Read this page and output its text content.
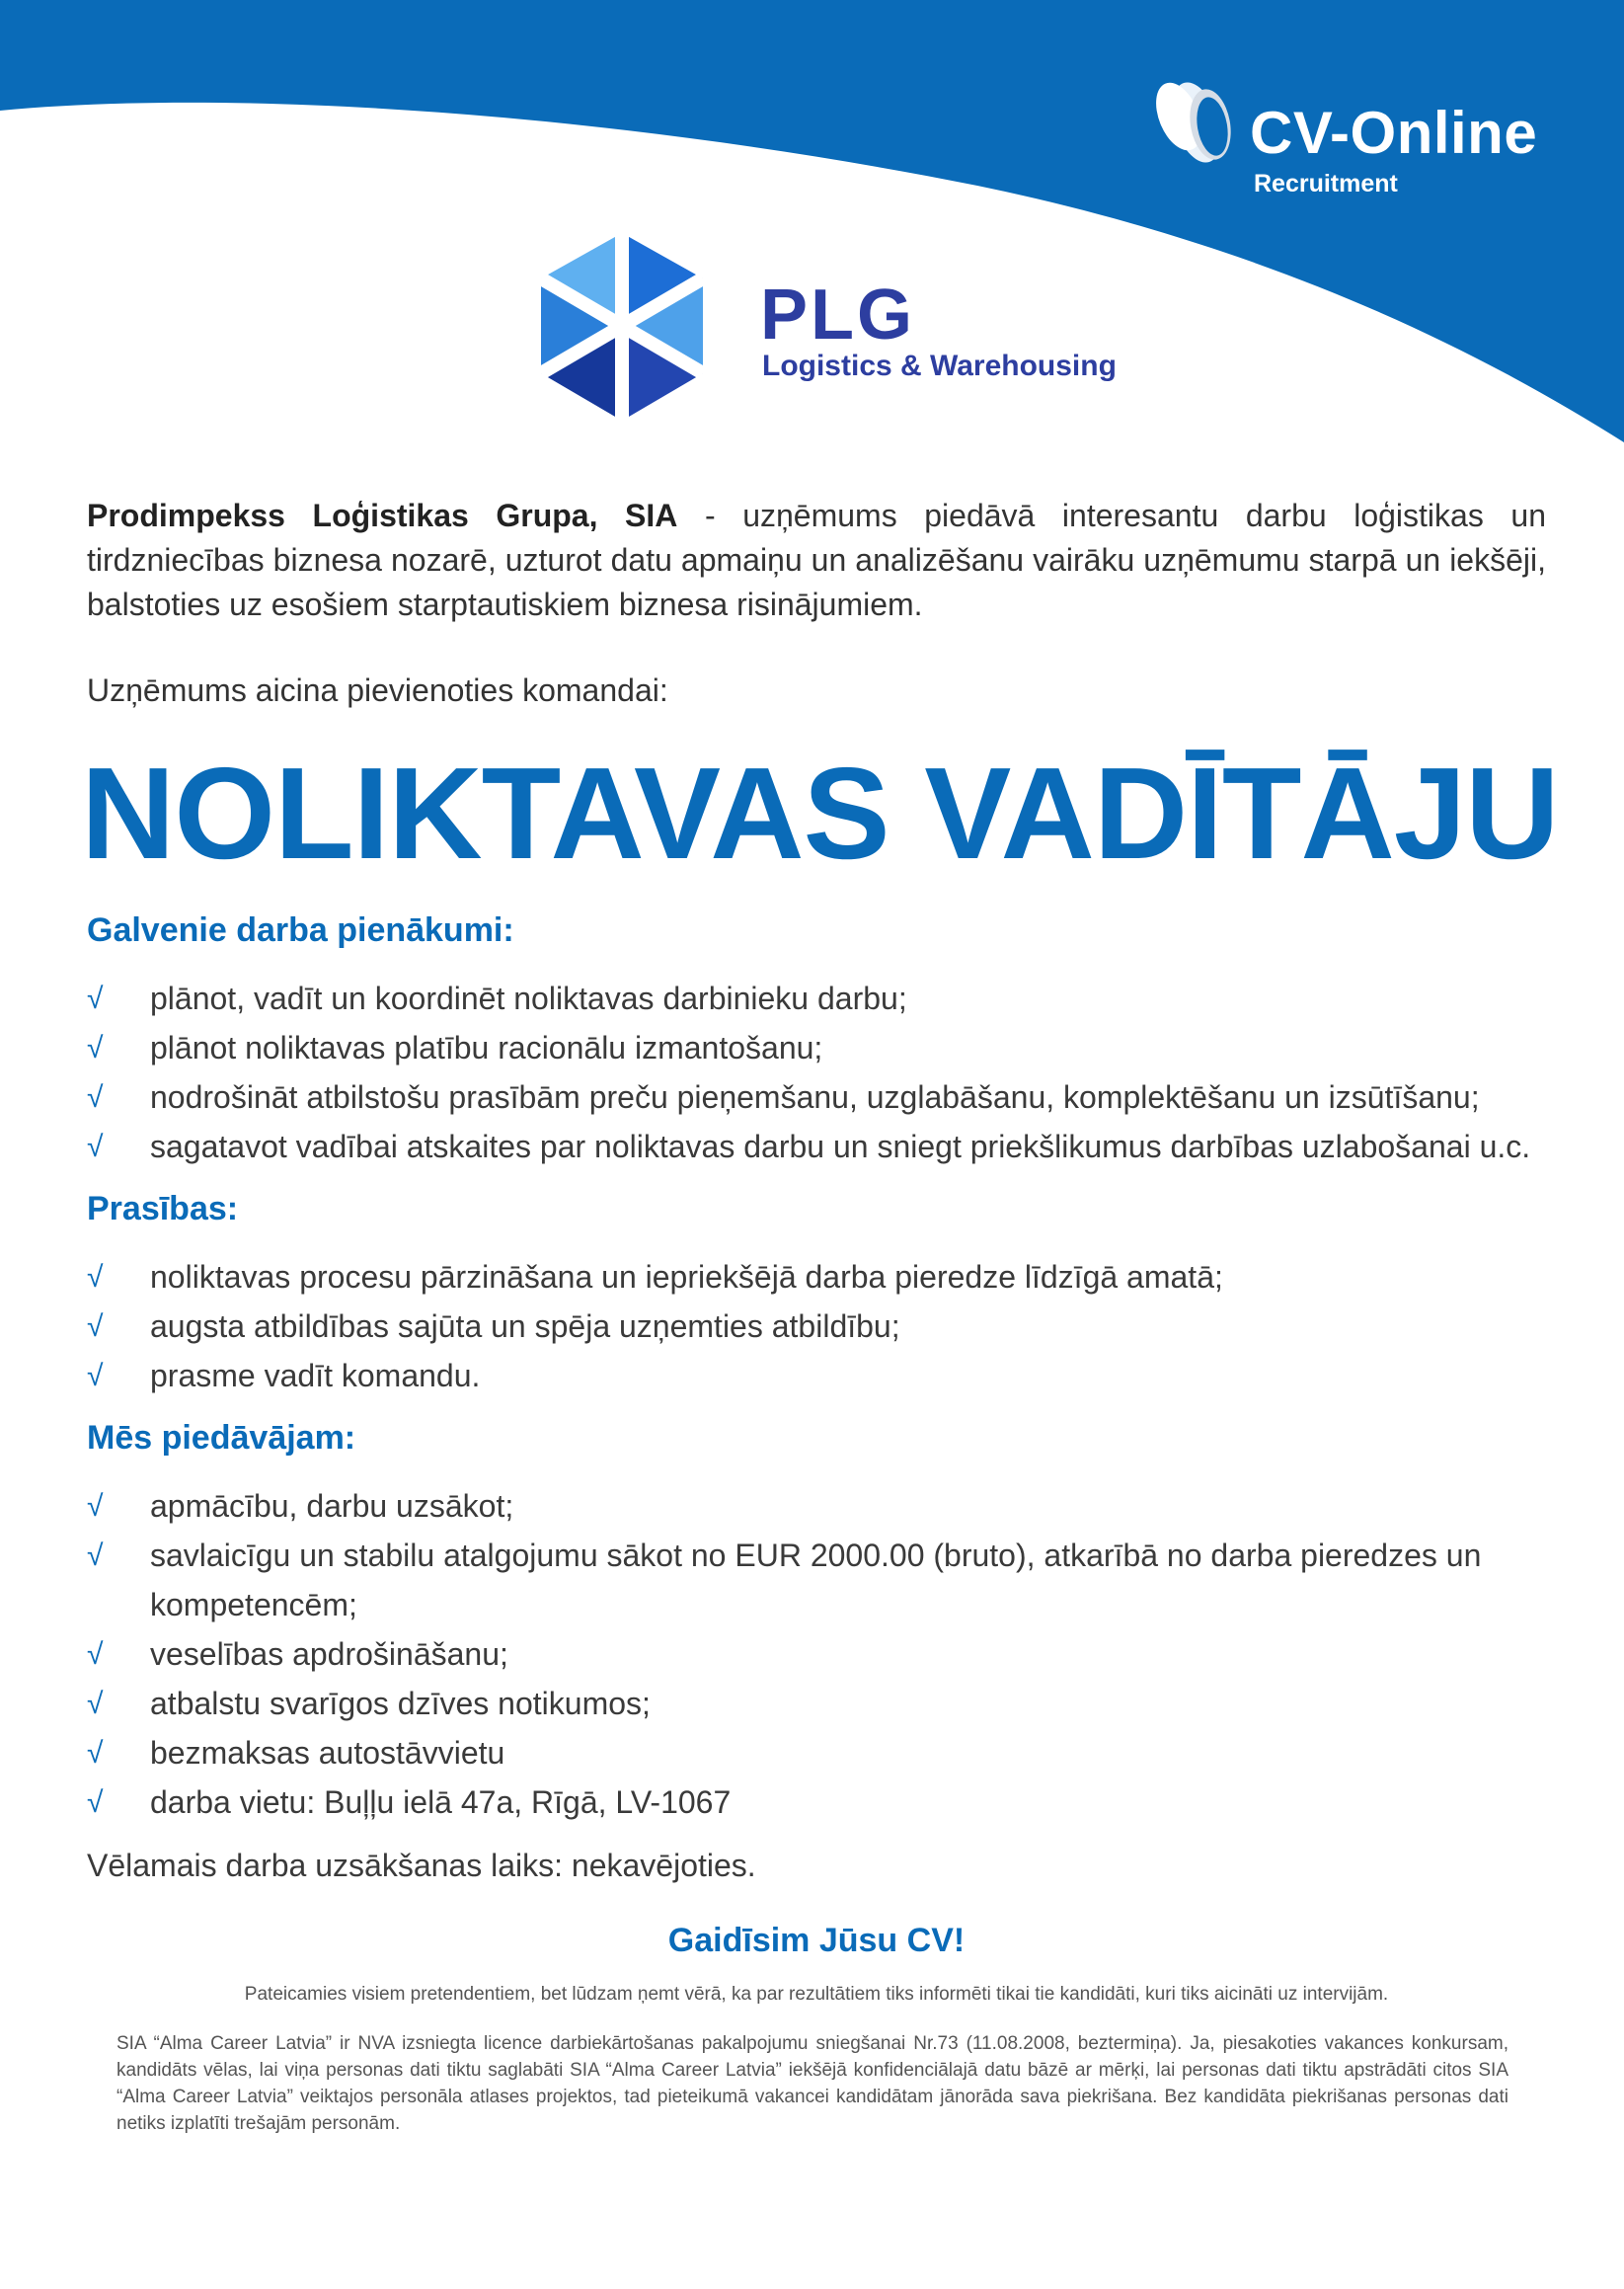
CV-Online
Recruitment
PLG
Logistics & Warehousing

Prodimpekss Loģistikas Grupa, SIA - uzņēmums piedāvā interesantu darbu loģistikas un tirdzniecības biznesa nozarē, uzturot datu apmaiņu un analizēšanu vairāku uzņēmumu starpā un iekšēji, balstoties uz esošiem starptautiskiem biznesa risinājumiem.

Uzņēmums aicina pievienoties komandai:

NOLIKTAVAS VADĪTĀJU
Galvenie darba pienākumi:
√ plānot, vadīt un koordinēt noliktavas darbinieku darbu;
√ plānot noliktavas platību racionālu izmantošanu;
√ nodrošināt atbilstošu prasībām preču pieņemšanu, uzglabāšanu, komplektēšanu un izsūtīšanu;
√ sagatavot vadībai atskaites par noliktavas darbu un sniegt priekšlikumus darbības uzlabošanai u.c.
Prasības:
√ noliktavas procesu pārzināšana un iepriekšējā darba pieredze līdzīgā amatā;
√ augsta atbildības sajūta un spēja uzņemties atbildību;
√ prasme vadīt komandu.
Mēs piedāvājam:
√ apmācību, darbu uzsākot;
√ savlaicīgu un stabilu atalgojumu sākot no EUR 2000.00 (bruto), atkarībā no darba pieredzes un kompetencēm;
√ veselības apdrošināšanu;
√ atbalstu svarīgos dzīves notikumos;
√ bezmaksas autostāvvietu
√ darba vietu: Buļļu ielā 47a, Rīgā, LV-1067

Vēlamais darba uzsākšanas laiks: nekavējoties.

Gaidīsim Jūsu CV!

Pateicamies visiem pretendentiem, bet lūdzam ņemt vērā, ka par rezultātiem tiks informēti tikai tie kandidāti, kuri tiks aicināti uz intervijām.

SIA “Alma Career Latvia” ir NVA izsniegta licence darbiekārtošanas pakalpojumu sniegšanai Nr.73 (11.08.2008, beztermiņa). Ja, piesakoties vakances konkursam, kandidāts vēlas, lai viņa personas dati tiktu saglabāti SIA “Alma Career Latvia” iekšējā konfidenciālajā datu bāzē ar mērķi, lai personas dati tiktu apstrādāti citos SIA “Alma Career Latvia” veiktajos personāla atlases projektos, tad pieteikumā vakancei kandidātam jānorāda sava piekrišana. Bez kandidāta piekrišanas personas dati netiks izplatīti trešajām personām.
